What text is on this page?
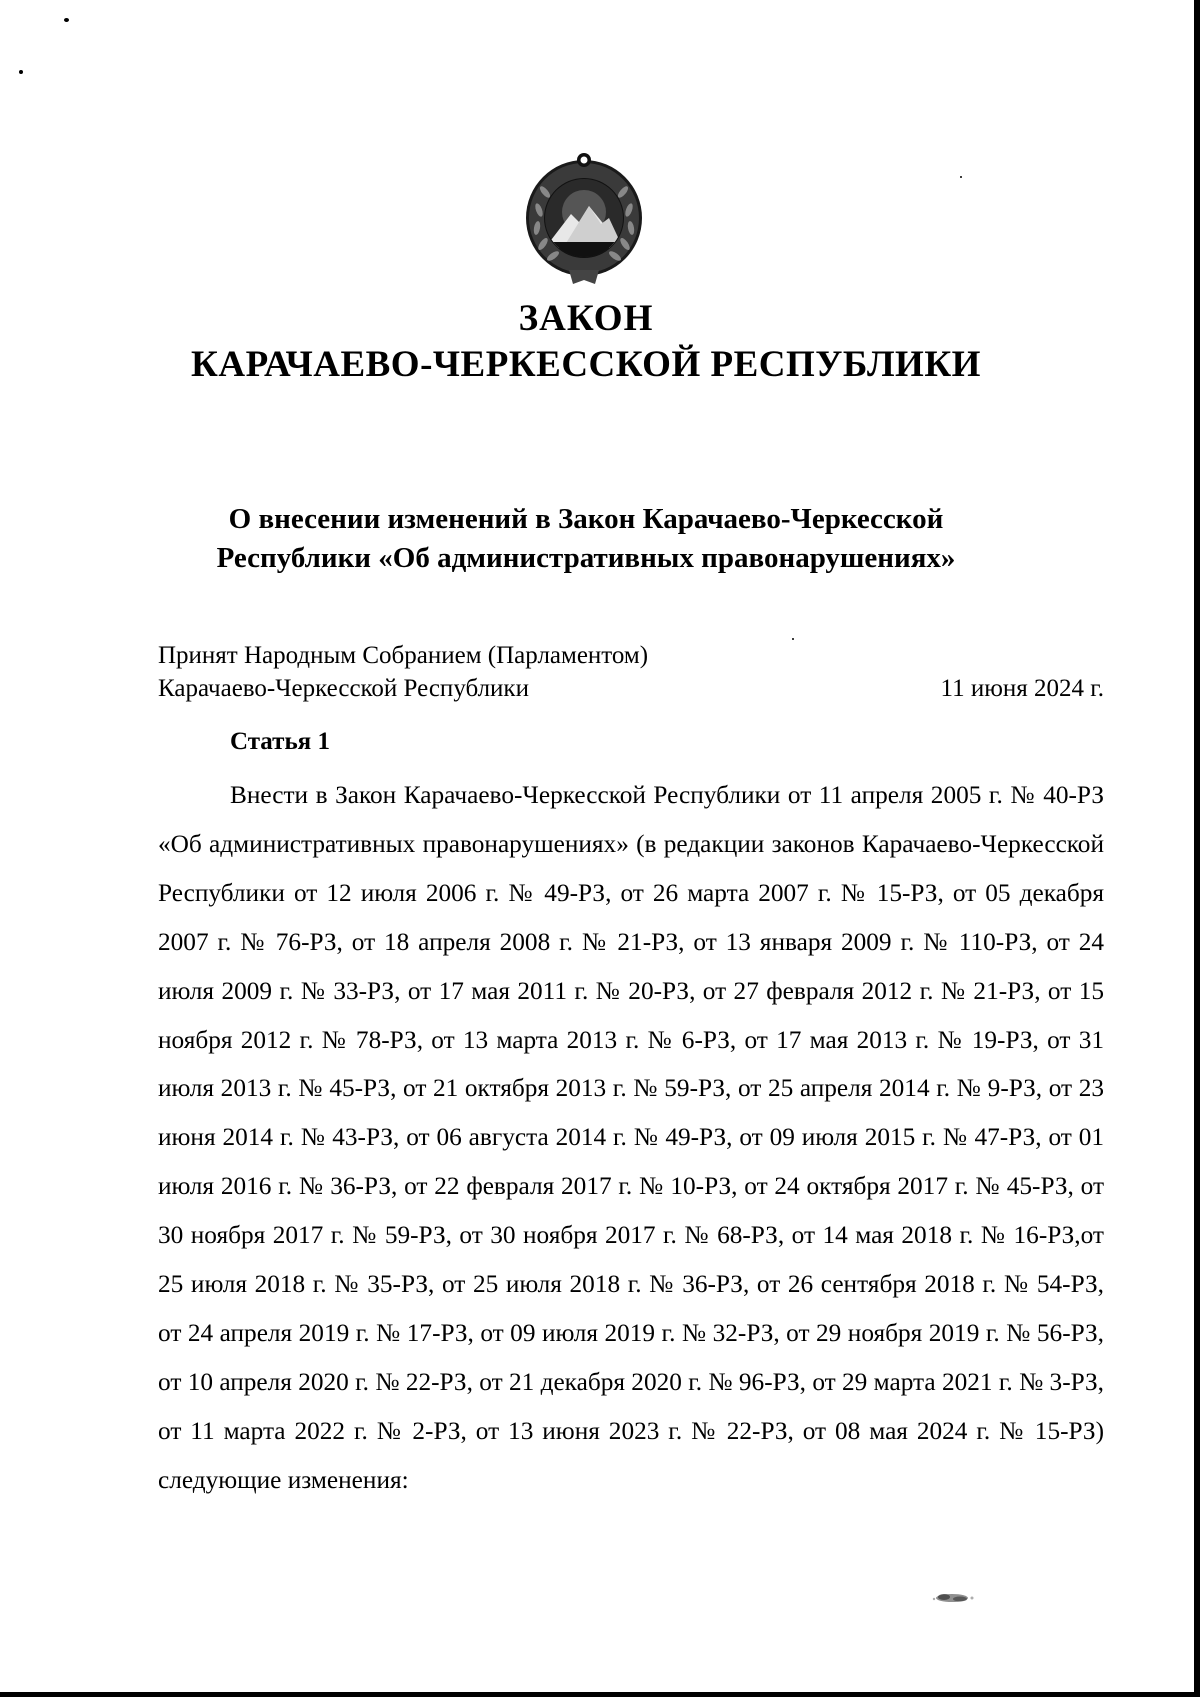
ЗАКОН
КАРАЧАЕВО-ЧЕРКЕССКОЙ РЕСПУБЛИКИ
О внесении изменений в Закон Карачаево-Черкесской
Республики «Об административных правонарушениях»
Принят Народным Собранием (Парламентом)
Карачаево-Черкесской Республики	11 июня 2024 г.
Статья 1

Внести в Закон Карачаево-Черкесской Республики от 11 апреля 2005 г. № 40-РЗ «Об административных правонарушениях» (в редакции законов Карачаево-Черкесской Республики от 12 июля 2006 г. № 49-РЗ, от 26 марта 2007 г. № 15-РЗ, от 05 декабря 2007 г. № 76-РЗ, от 18 апреля 2008 г. № 21-РЗ, от 13 января 2009 г. № 110-РЗ, от 24 июля 2009 г. № 33-РЗ, от 17 мая 2011 г. № 20-РЗ, от 27 февраля 2012 г. № 21-РЗ, от 15 ноября 2012 г. № 78-РЗ, от 13 марта 2013 г. № 6-РЗ, от 17 мая 2013 г. № 19-РЗ, от 31 июля 2013 г. № 45-РЗ, от 21 октября 2013 г. № 59-РЗ, от 25 апреля 2014 г. № 9-РЗ, от 23 июня 2014 г. № 43-РЗ, от 06 августа 2014 г. № 49-РЗ, от 09 июля 2015 г. № 47-РЗ, от 01 июля 2016 г. № 36-РЗ, от 22 февраля 2017 г. № 10-РЗ, от 24 октября 2017 г. № 45-РЗ, от 30 ноября 2017 г. № 59-РЗ, от 30 ноября 2017 г. № 68-РЗ, от 14 мая 2018 г. № 16-РЗ,от 25 июля 2018 г. № 35-РЗ, от 25 июля 2018 г. № 36-РЗ, от 26 сентября 2018 г. № 54-РЗ, от 24 апреля 2019 г. № 17-РЗ, от 09 июля 2019 г. № 32-РЗ, от 29 ноября 2019 г. № 56-РЗ, от 10 апреля 2020 г. № 22-РЗ, от 21 декабря 2020 г. № 96-РЗ, от 29 марта 2021 г. № 3-РЗ, от 11 марта 2022 г. № 2-РЗ, от 13 июня 2023 г. № 22-РЗ, от 08 мая 2024 г. № 15-РЗ) следующие изменения:
